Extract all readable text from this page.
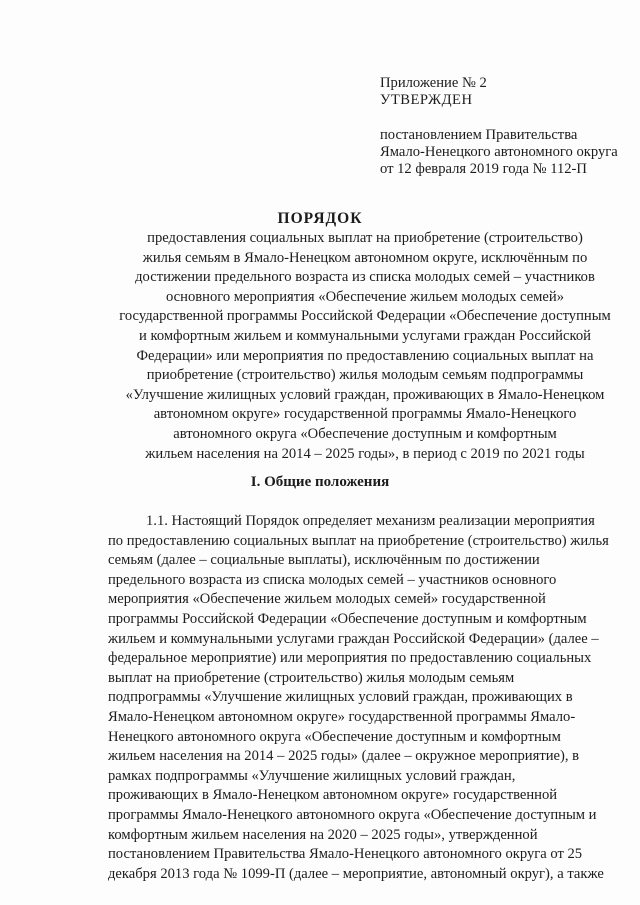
Приложение № 2
УТВЕРЖДЕН
постановлением Правительства
Ямало-Ненецкого автономного округа
от 12 февраля 2019 года № 112-П
ПОРЯДОК
предоставления социальных выплат на приобретение (строительство)
жилья семьям в Ямало-Ненецком автономном округе, исключённым по
достижении предельного возраста из списка молодых семей – участников
основного мероприятия «Обеспечение жильем молодых семей»
государственной программы Российской Федерации «Обеспечение доступным
и комфортным жильем и коммунальными услугами граждан Российской
Федерации» или мероприятия по предоставлению социальных выплат на
приобретение (строительство) жилья молодым семьям подпрограммы
«Улучшение жилищных условий граждан, проживающих в Ямало-Ненецком
автономном округе» государственной программы Ямало-Ненецкого
автономного округа «Обеспечение доступным и комфортным
жильем населения на 2014 – 2025 годы», в период с 2019 по 2021 годы
I. Общие положения
1.1. Настоящий Порядок определяет механизм реализации мероприятия
по предоставлению социальных выплат на приобретение (строительство) жилья
семьям (далее – социальные выплаты), исключённым по достижении
предельного возраста из списка молодых семей – участников основного
мероприятия «Обеспечение жильем молодых семей» государственной
программы Российской Федерации «Обеспечение доступным и комфортным
жильем и коммунальными услугами граждан Российской Федерации» (далее –
федеральное мероприятие) или мероприятия по предоставлению социальных
выплат на приобретение (строительство) жилья молодым семьям
подпрограммы «Улучшение жилищных условий граждан, проживающих в
Ямало-Ненецком автономном округе» государственной программы Ямало-
Ненецкого автономного округа «Обеспечение доступным и комфортным
жильем населения на 2014 – 2025 годы» (далее – окружное мероприятие), в
рамках подпрограммы «Улучшение жилищных условий граждан,
проживающих в Ямало-Ненецком автономном округе» государственной
программы Ямало-Ненецкого автономного округа «Обеспечение доступным и
комфортным жильем населения на 2020 – 2025 годы», утвержденной
постановлением Правительства Ямало-Ненецкого автономного округа от 25
декабря 2013 года № 1099-П (далее – мероприятие, автономный округ), а также
